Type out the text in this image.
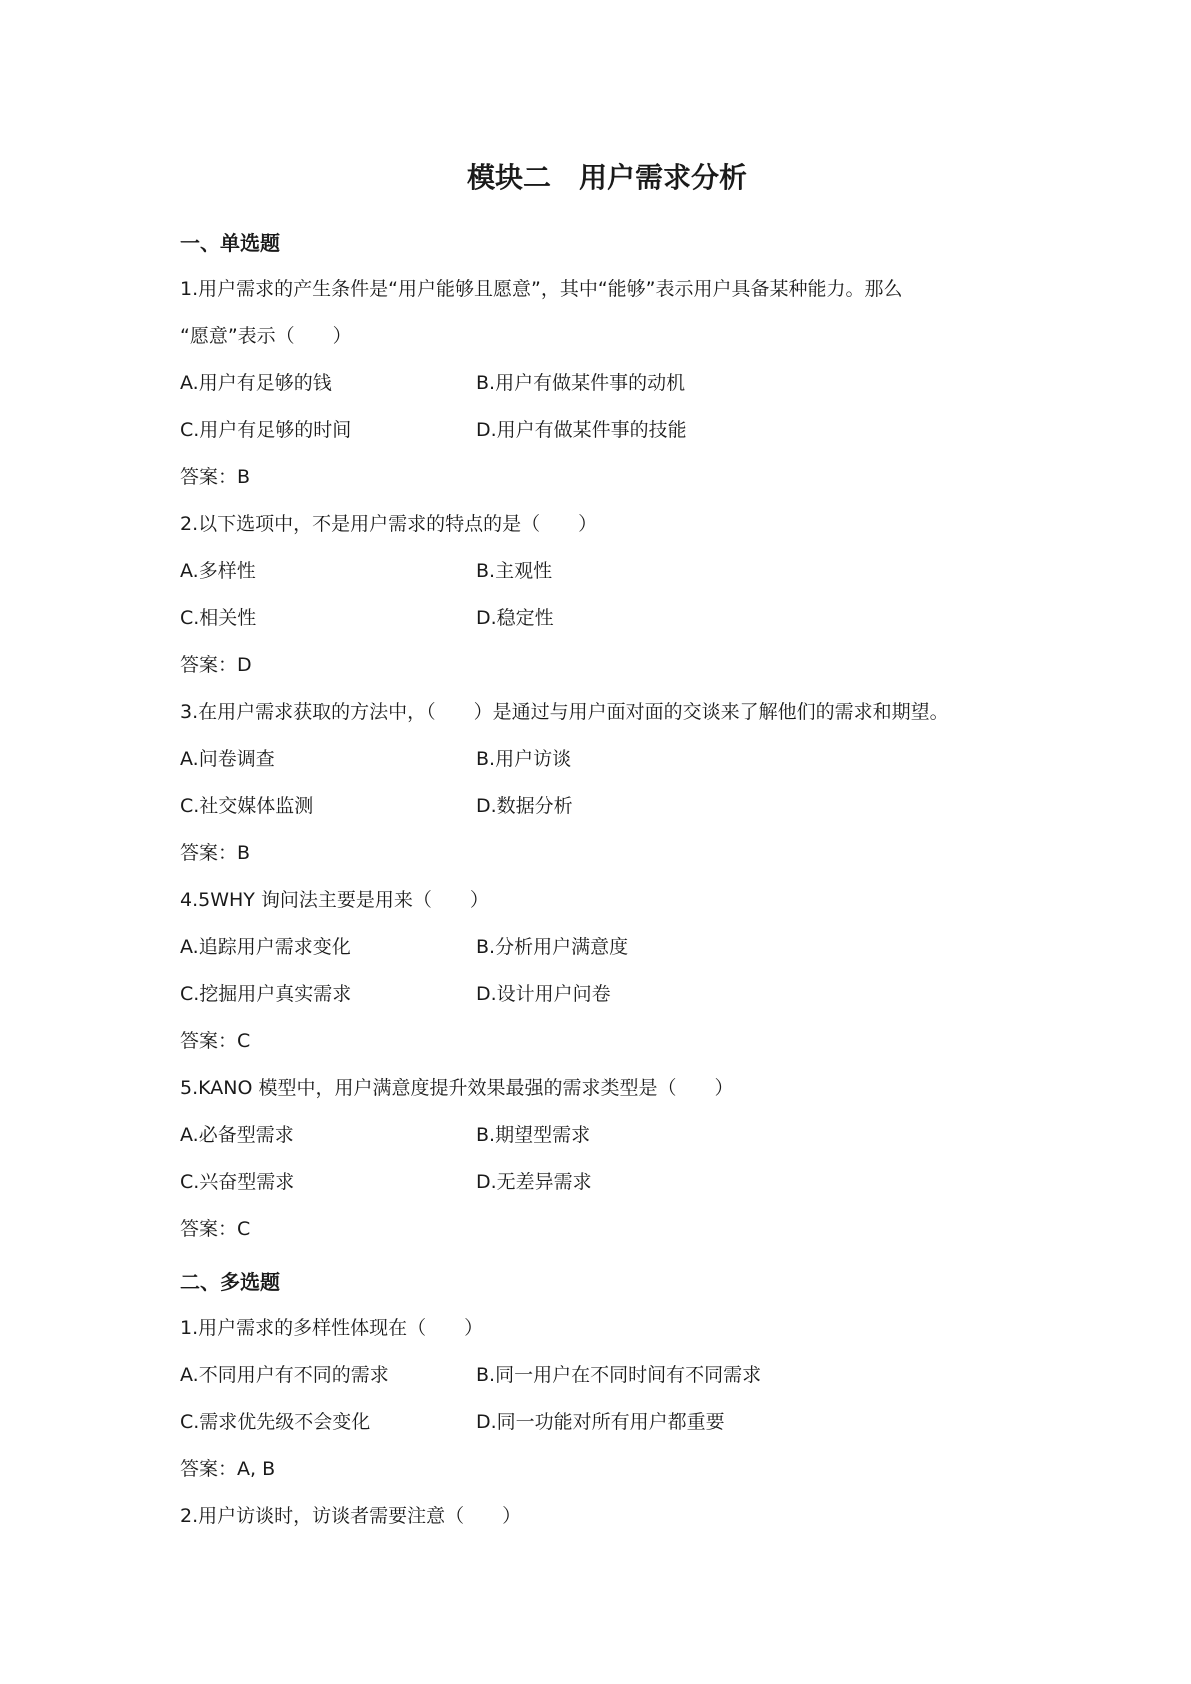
模块二　用户需求分析
一、单选题
1.用户需求的产生条件是“用户能够且愿意”，其中“能够”表示用户具备某种能力。那么
“愿意”表示（　　）
A.用户有足够的钱	B.用户有做某件事的动机
C.用户有足够的时间	D.用户有做某件事的技能
答案：B
2.以下选项中，不是用户需求的特点的是（　　）
A.多样性	B.主观性
C.相关性	D.稳定性
答案：D
3.在用户需求获取的方法中，（　　）是通过与用户面对面的交谈来了解他们的需求和期望。
A.问卷调查	B.用户访谈
C.社交媒体监测	D.数据分析
答案：B
4.5WHY 询问法主要是用来（　　）
A.追踪用户需求变化	B.分析用户满意度
C.挖掘用户真实需求	D.设计用户问卷
答案：C
5.KANO 模型中，用户满意度提升效果最强的需求类型是（　　）
A.必备型需求	B.期望型需求
C.兴奋型需求	D.无差异需求
答案：C
二、多选题
1.用户需求的多样性体现在（　　）
A.不同用户有不同的需求	B.同一用户在不同时间有不同需求
C.需求优先级不会变化	D.同一功能对所有用户都重要
答案：A, B
2.用户访谈时，访谈者需要注意（　　）
